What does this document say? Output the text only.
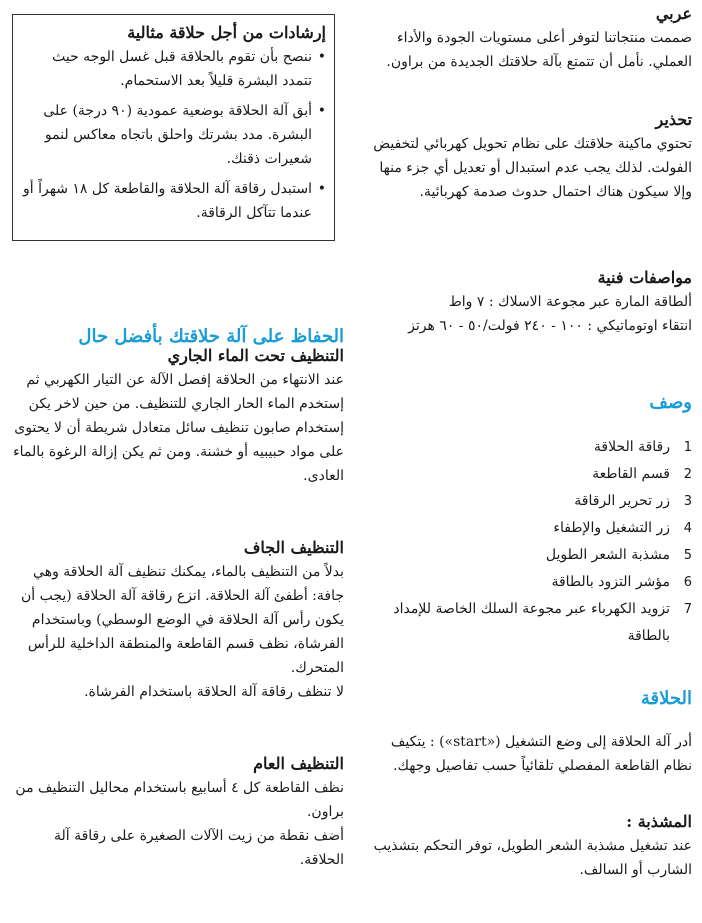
عربي

صممت منتجاتنا لتوفر أعلى مستويات الجودة والأداء العملي. نأمل أن تتمتع بآلة حلاقتك الجديدة من براون.

تحذير

تحتوي ماكينة حلاقتك على نظام تحويل كهربائي لتخفيض الفولت. لذلك يجب عدم استبدال أو تعديل أي جزء منها وإلا سيكون هناك احتمال حدوث صدمة كهربائية.

مواصفات فنية

ألطاقة المارة عبر مجوعة الاسلاك : ٧ واط

انتقاء اوتوماتيكي : ١٠٠ - ٢٤٠ فولت/٥٠ - ٦٠ هرتز

وصف

1
رقاقة الحلاقة
2
قسم القاطعة
3
زر تحرير الرقاقة
4
زر التشغيل والإطفاء
5
مشذبة الشعر الطويل
6
مؤشر التزود بالطاقة
7
تزويد الكهرباء عبر مجوعة السلك الخاصة للإمداد بالطاقة

الحلاقة

أدر آلة الحلاقة إلى وضع التشغيل («start») : يتكيف نظام القاطعة المفصلي تلقائياً حسب تفاصيل وجهك.

المشذبة :

عند تشغيل مشذبة الشعر الطويل، توفر التحكم بتشذيب الشارب أو السالف.

إرشادات من أجل حلاقة مثالية

• ننصح بأن تقوم بالحلاقة قبل غسل الوجه حيث تتمدد البشرة قليلاً بعد الاستحمام.
• أبق آلة الحلاقة بوضعية عمودية (٩٠ درجة) على البشرة. مدد بشرتك واحلق باتجاه معاكس لنمو شعيرات ذقنك.
• استبدل رقاقة آلة الحلاقة والقاطعة كل ١٨ شهراً أو عندما تتآكل الرقاقة.

الحفاظ على آلة حلاقتك بأفضل حال

التنظيف تحت الماء الجاري

عند الانتهاء من الحلاقة إفصل الآلة عن التيار الكهربي ثم إستخدم الماء الحار الجاري للتنظيف. من حين لاخر يكن إستخدام صابون تنظيف سائل متعادل شريطة أن لا يحتوى على مواد حبيبيه أو خشنة. ومن ثم يكن إزالة الرغوة بالماء العادى.

التنظيف الجاف

بدلاً من التنظيف بالماء، يمكنك تنظيف آلة الحلاقة وهي جافة: أطفئ آلة الحلاقة. انزع رقاقة آلة الحلاقة (يجب أن يكون رأس آلة الحلاقة في الوضع الوسطي) وباستخدام الفرشاة، نظف قسم القاطعة والمنطقة الداخلية للرأس المتحرك.

لا تنظف رقاقة آلة الحلاقة باستخدام الفرشاة.

التنظيف العام

نظف القاطعة كل ٤ أسابيع باستخدام محاليل التنظيف من براون.

أضف نقطة من زيت الآلات الصغيرة على رقاقة آلة الحلاقة.
